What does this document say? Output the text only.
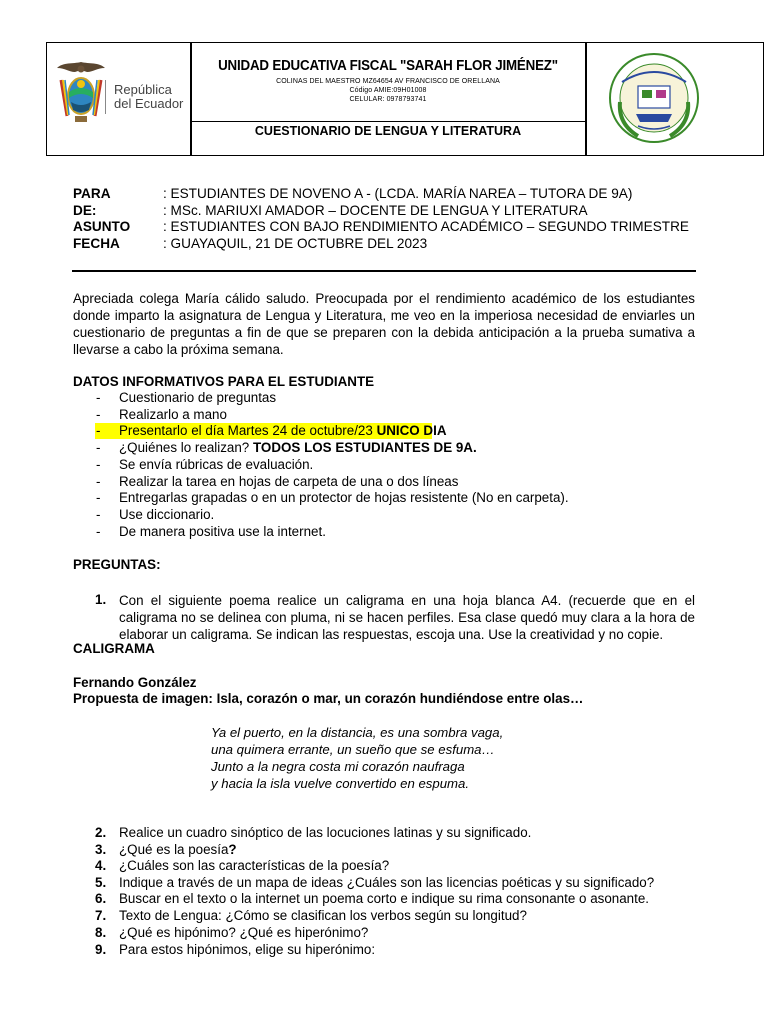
República
del Ecuador
UNIDAD EDUCATIVA FISCAL "SARAH FLOR JIMÉNEZ"
COLINAS DEL MAESTRO MZ64654 AV FRANCISCO DE ORELLANA
Código AMIE:09H01008
CELULAR: 0978793741
CUESTIONARIO DE LENGUA Y LITERATURA
PARA	: ESTUDIANTES DE NOVENO A - (LCDA. MARÍA NAREA – TUTORA DE 9A)
DE:	: MSc. MARIUXI AMADOR – DOCENTE DE LENGUA Y LITERATURA
ASUNTO : ESTUDIANTES CON BAJO RENDIMIENTO ACADÉMICO – SEGUNDO TRIMESTRE
FECHA	: GUAYAQUIL, 21 DE OCTUBRE DEL 2023
Apreciada colega María cálido saludo. Preocupada por el rendimiento académico de los estudiantes donde imparto la asignatura de Lengua y Literatura, me veo en la imperiosa necesidad de enviarles un cuestionario de preguntas a fin de que se preparen con la debida anticipación a la prueba sumativa a llevarse a cabo la próxima semana.
DATOS INFORMATIVOS PARA EL ESTUDIANTE
- Cuestionario de preguntas
- Realizarlo a mano
- Presentarlo el día Martes 24 de octubre/23 UNICO DIA
- ¿Quiénes lo realizan? TODOS LOS ESTUDIANTES DE 9A.
- Se envía rúbricas de evaluación.
- Realizar la tarea en hojas de carpeta de una o dos líneas
- Entregarlas grapadas o en un protector de hojas resistente (No en carpeta).
- Use diccionario.
- De manera positiva use la internet.
PREGUNTAS:
1. Con el siguiente poema realice un caligrama en una hoja blanca A4. (recuerde que en el caligrama no se delinea con pluma, ni se hacen perfiles. Esa clase quedó muy clara a la hora de elaborar un caligrama. Se indican las respuestas, escoja una. Use la creatividad y no copie.
CALIGRAMA
Fernando González
Propuesta de imagen: Isla, corazón o mar, un corazón hundiéndose entre olas…
Ya el puerto, en la distancia, es una sombra vaga,
una quimera errante, un sueño que se esfuma…
Junto a la negra costa mi corazón naufraga
y hacia la isla vuelve convertido en espuma.
2. Realice un cuadro sinóptico de las locuciones latinas y su significado.
3. ¿Qué es la poesía?
4. ¿Cuáles son las características de la poesía?
5. Indique a través de un mapa de ideas ¿Cuáles son las licencias poéticas y su significado?
6. Buscar en el texto o la internet un poema corto e indique su rima consonante o asonante.
7. Texto de Lengua: ¿Cómo se clasifican los verbos según su longitud?
8. ¿Qué es hipónimo? ¿Qué es hiperónimo?
9. Para estos hipónimos, elige su hiperónimo:
